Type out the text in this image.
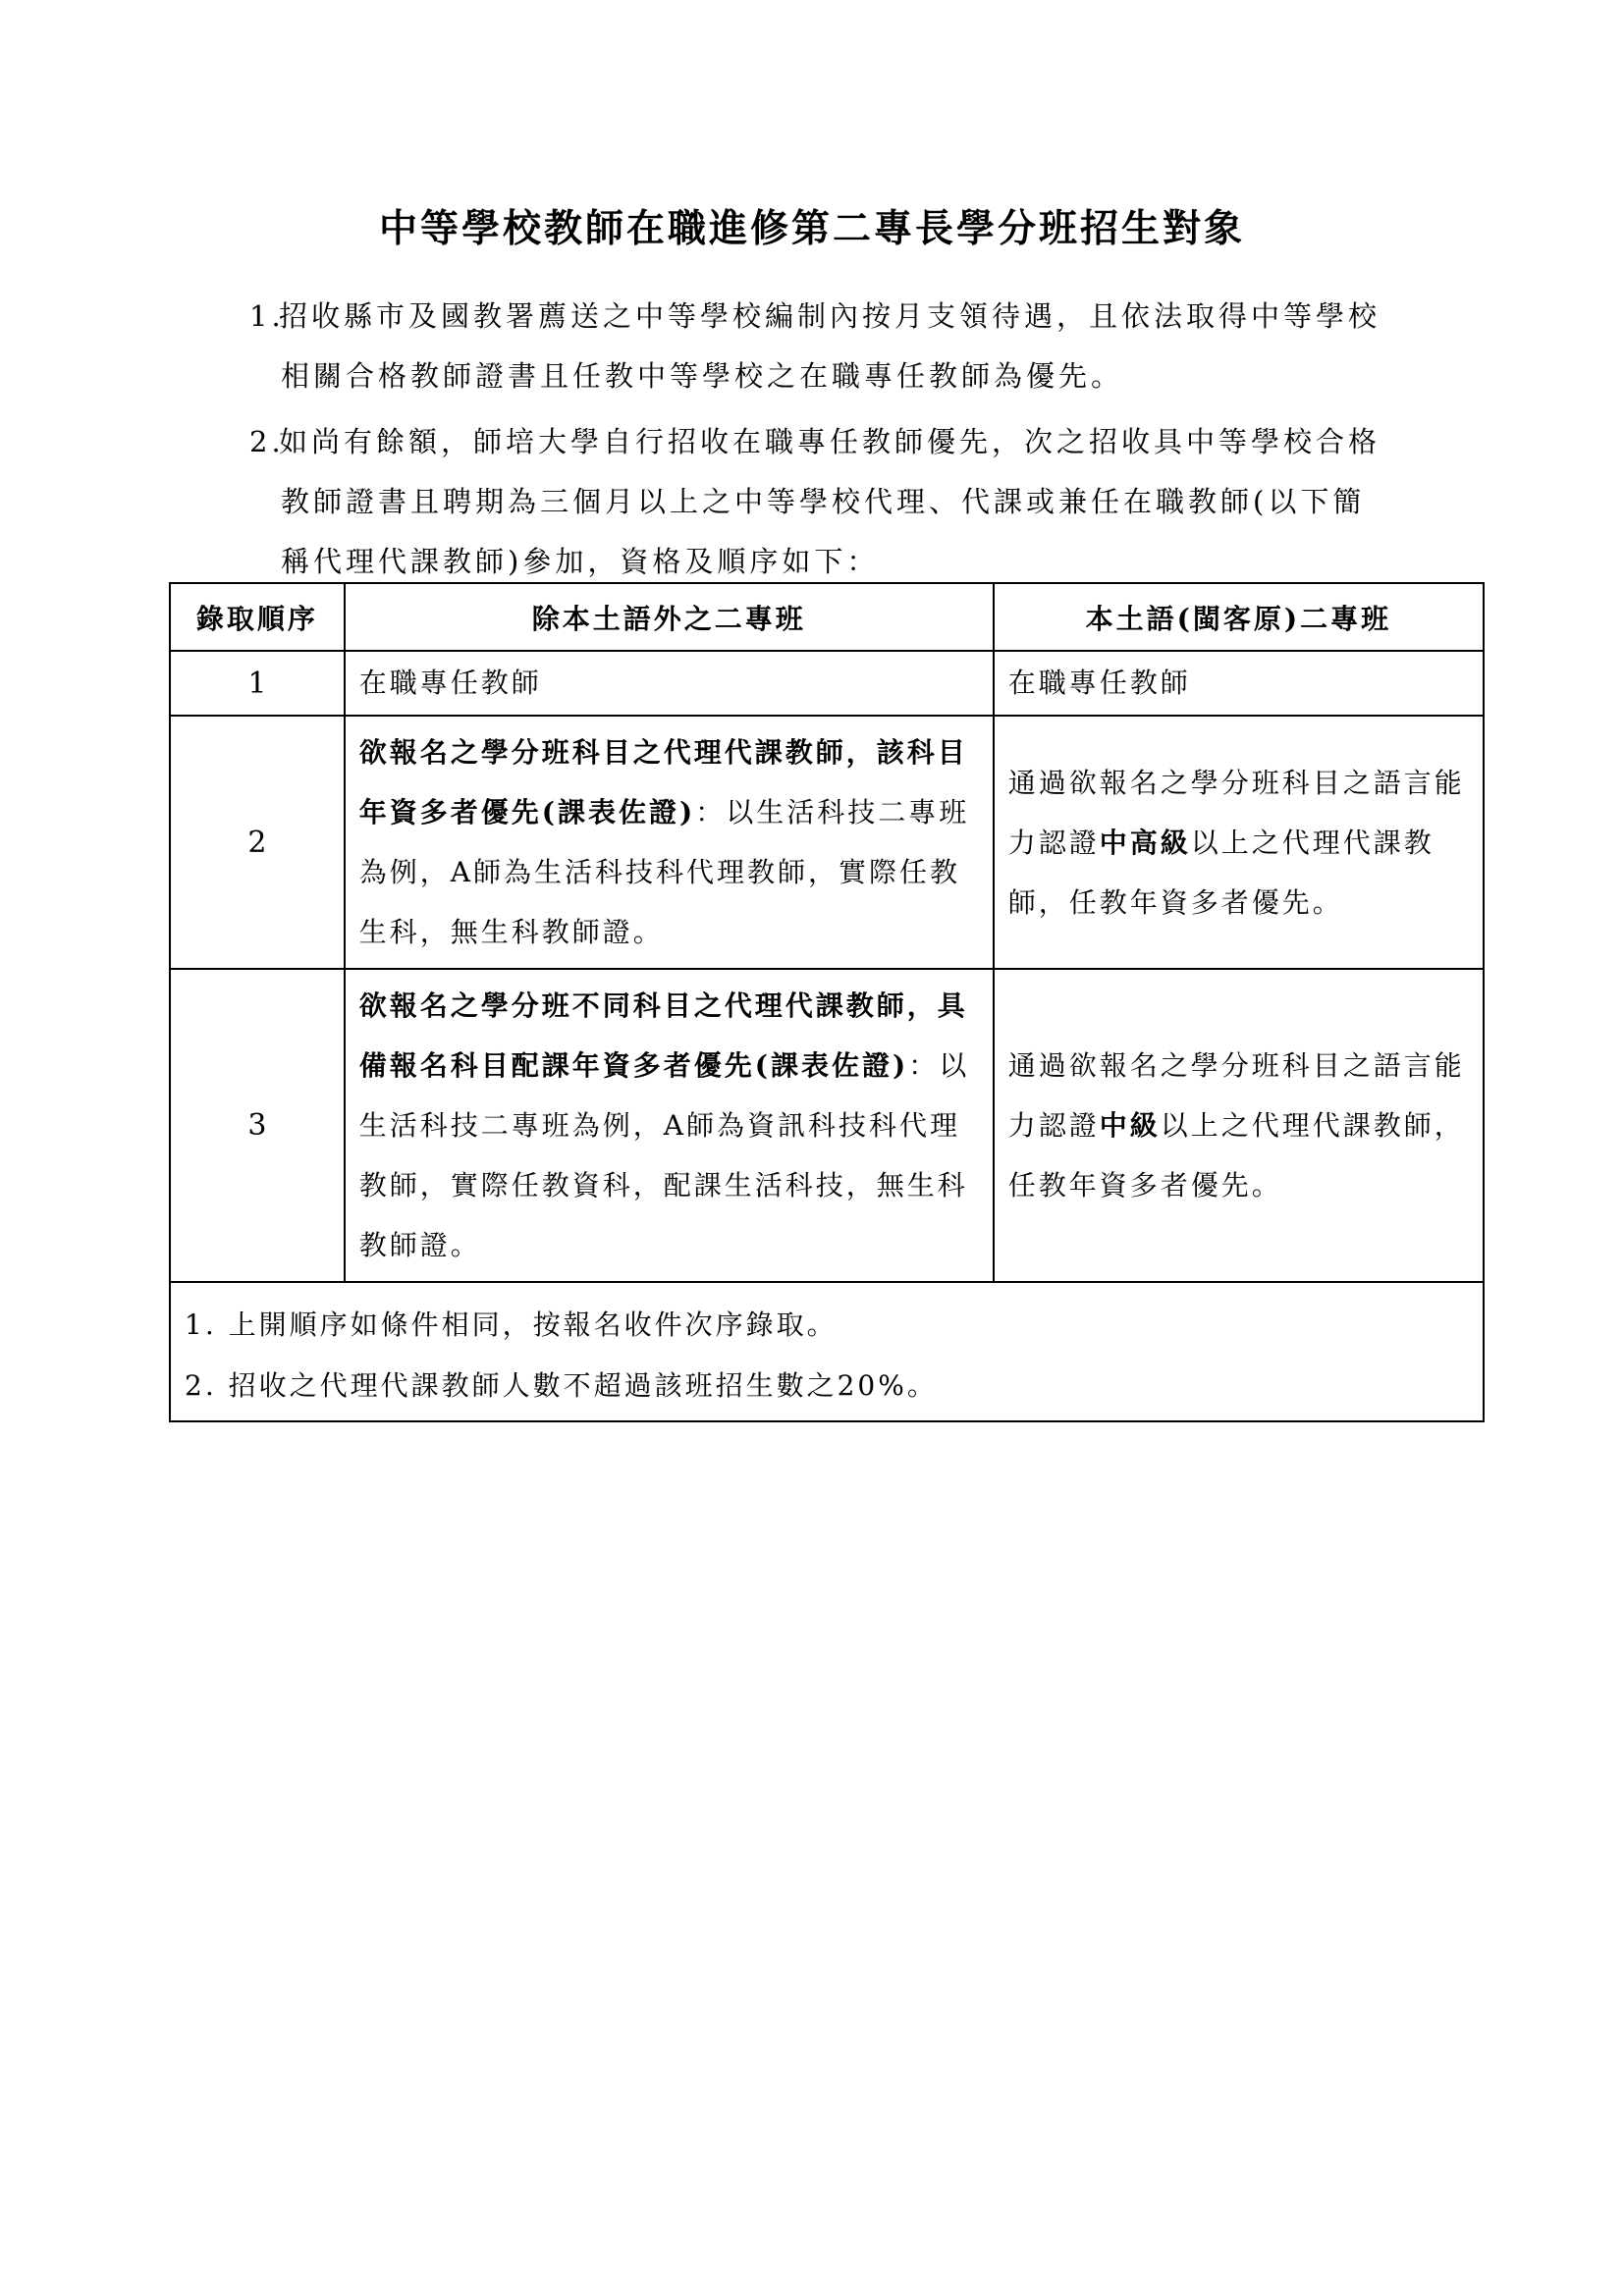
中等學校教師在職進修第二專長學分班招生對象
1.招收縣市及國教署薦送之中等學校編制內按月支領待遇，且依法取得中等學校
相關合格教師證書且任教中等學校之在職專任教師為優先。
2.如尚有餘額，師培大學自行招收在職專任教師優先，次之招收具中等學校合格
教師證書且聘期為三個月以上之中等學校代理、代課或兼任在職教師(以下簡
稱代理代課教師)參加，資格及順序如下：
錄取順序	除本土語外之二專班	本土語(閩客原)二專班
1	在職專任教師	在職專任教師

2	欲報名之學分班科目之代理代課教師，該科目年資多者優先(課表佐證)：以生活科技二專班為例，A師為生活科技科代理教師，實際任教生科，無生科教師證。	通過欲報名之學分班科目之語言能力認證中高級以上之代理代課教師，任教年資多者優先。

3	欲報名之學分班不同科目之代理代課教師，具備報名科目配課年資多者優先(課表佐證)：以生活科技二專班為例，A師為資訊科技科代理教師，實際任教資科，配課生活科技，無生科教師證。	通過欲報名之學分班科目之語言能力認證中級以上之代理代課教師，任教年資多者優先。

1. 上開順序如條件相同，按報名收件次序錄取。
2. 招收之代理代課教師人數不超過該班招生數之20%。		
